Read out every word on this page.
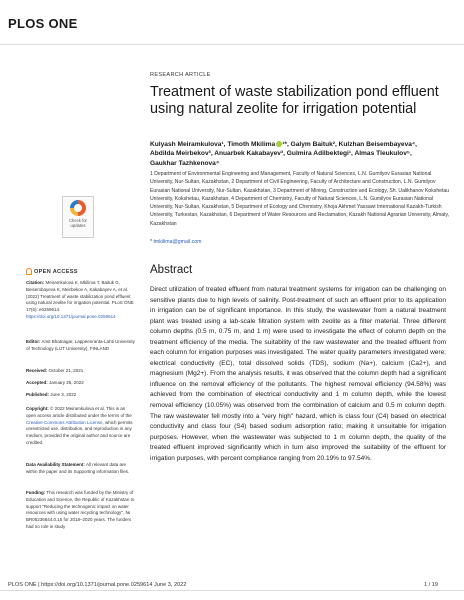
PLOS ONE
RESEARCH ARTICLE
Treatment of waste stabilization pond effluent using natural zeolite for irrigation potential
Kulyash Meiramkulova¹, Timoth Mkilima ¹*, Galym Baituk², Kulzhan Beisembayeva⁴,
Abdilda Meirbekov³, Anuarbek Kakabayev³, Gulmira Adilbektegi¹, Almas Tleukulov⁵,
Gaukhar Tazhkenova⁴
1 Department of Environmental Engineering and Management, Faculty of Natural Sciences, L.N. Gumilyov Eurasian National University, Nur-Sultan, Kazakhstan, 2 Department of Civil Engineering, Faculty of Architecture and Construction, L.N. Gumilyov Eurasian National University, Nur-Sultan, Kazakhstan, 3 Department of Mining, Construction and Ecology, Sh. Ualikhanov Kokshetau University, Kokshetau, Kazakhstan, 4 Department of Chemistry, Faculty of Natural Sciences, L.N. Gumilyov Eurasian National University, Nur-Sultan, Kazakhstan, 5 Department of Ecology and Chemistry, Khoja Akhmet Yassawi International Kazakh-Turkish University, Turkestan, Kazakhstan, 6 Department of Water Resources and Reclamation, Kazakh National Agrarian University, Almaty, Kazakhstan
* tmkilima@gmail.com
Check for updates
OPEN ACCESS
Citation: Meiramkulova K, Mkilima T, Baituk G, Beisembayeva K, Meirbekov A, Kakabayev A, et al. (2022) Treatment of waste stabilization pond effluent using natural zeolite for irrigation potential. PLoS ONE 17(6): e0259614. https://doi.org/10.1371/journal.pone.0259614
Editor: Amit Bhatnagar, Lappeenranta-Lahti University of Technology (LUT University), FINLAND
Received: October 21, 2021
Accepted: January 25, 2022
Published: June 3, 2022
Copyright: © 2022 Meiramkulova et al. This is an open access article distributed under the terms of the Creative Commons Attribution License, which permits unrestricted use, distribution, and reproduction in any medium, provided the original author and source are credited.
Data Availability Statement: All relevant data are within the paper and its Supporting information files.
Funding: This research was funded by the Ministry of Education and Science, the Republic of Kazakhstan to support "Reducing the technogenic impact on water resources with using water recycling technology", № BR05236844.0.15 for 2018–2020 years. The funders had no role in study
Abstract
Direct utilization of treated effluent from natural treatment systems for irrigation can be challenging on sensitive plants due to high levels of salinity. Post-treatment of such an effluent prior to its application in irrigation can be of significant importance. In this study, the wastewater from a natural treatment plant was treated using a lab-scale filtration system with zeolite as a filter material. Three different column depths (0.5 m, 0.75 m, and 1 m) were used to investigate the effect of column depth on the treatment efficiency of the media. The suitability of the raw wastewater and the treated effluent from each column for irrigation purposes was investigated. The water quality parameters investigated were; electrical conductivity (EC), total dissolved solids (TDS), sodium (Na+), calcium (Ca2+), and magnesium (Mg2+). From the analysis results, it was observed that the column depth had a significant influence on the removal efficiency of the pollutants. The highest removal efficiency (94.58%) was achieved from the combination of electrical conductivity and 1 m column depth, while the lowest removal efficiency (10.05%) was observed from the combination of calcium and 0.5 m column depth. The raw wastewater fell mostly into a "very high" hazard, which is class four (C4) based on electrical conductivity and class four (S4) based sodium adsorption ratio; making it unsuitable for irrigation purposes. However, when the wastewater was subjected to 1 m column depth, the quality of the treated effluent improved significantly which in turn also improved the suitability of the effluent for irrigation purposes, with percent compliance ranging from 20.19% to 97.54%.
PLOS ONE | https://doi.org/10.1371/journal.pone.0259614 June 3, 2022	1 / 19
